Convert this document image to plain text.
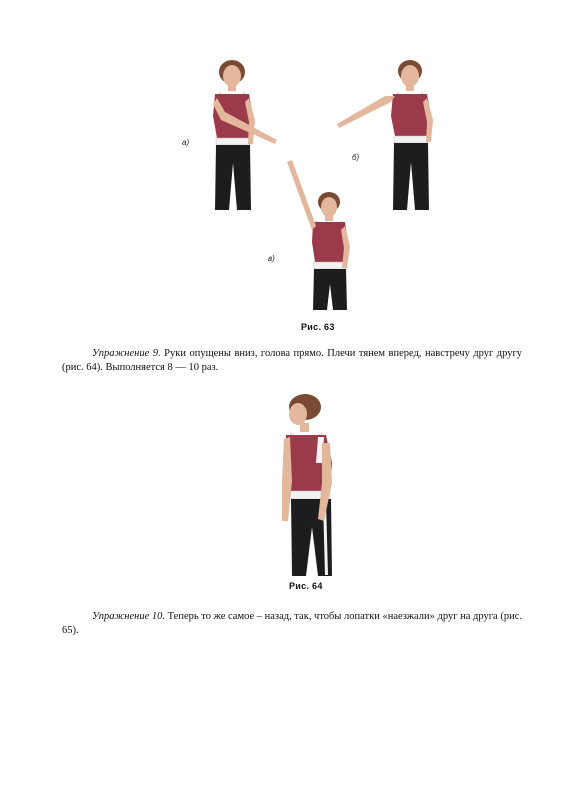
а)
б)
в)
Рис. 63
Упражнение 9. Руки опущены вниз, голова прямо. Плечи тянем вперед, навстречу друг другу (рис. 64). Выполняется 8 — 10 раз.
Рис. 64
Упражнение 10. Теперь то же самое – назад, так, чтобы лопатки «наезжали» друг на друга (рис. 65).
